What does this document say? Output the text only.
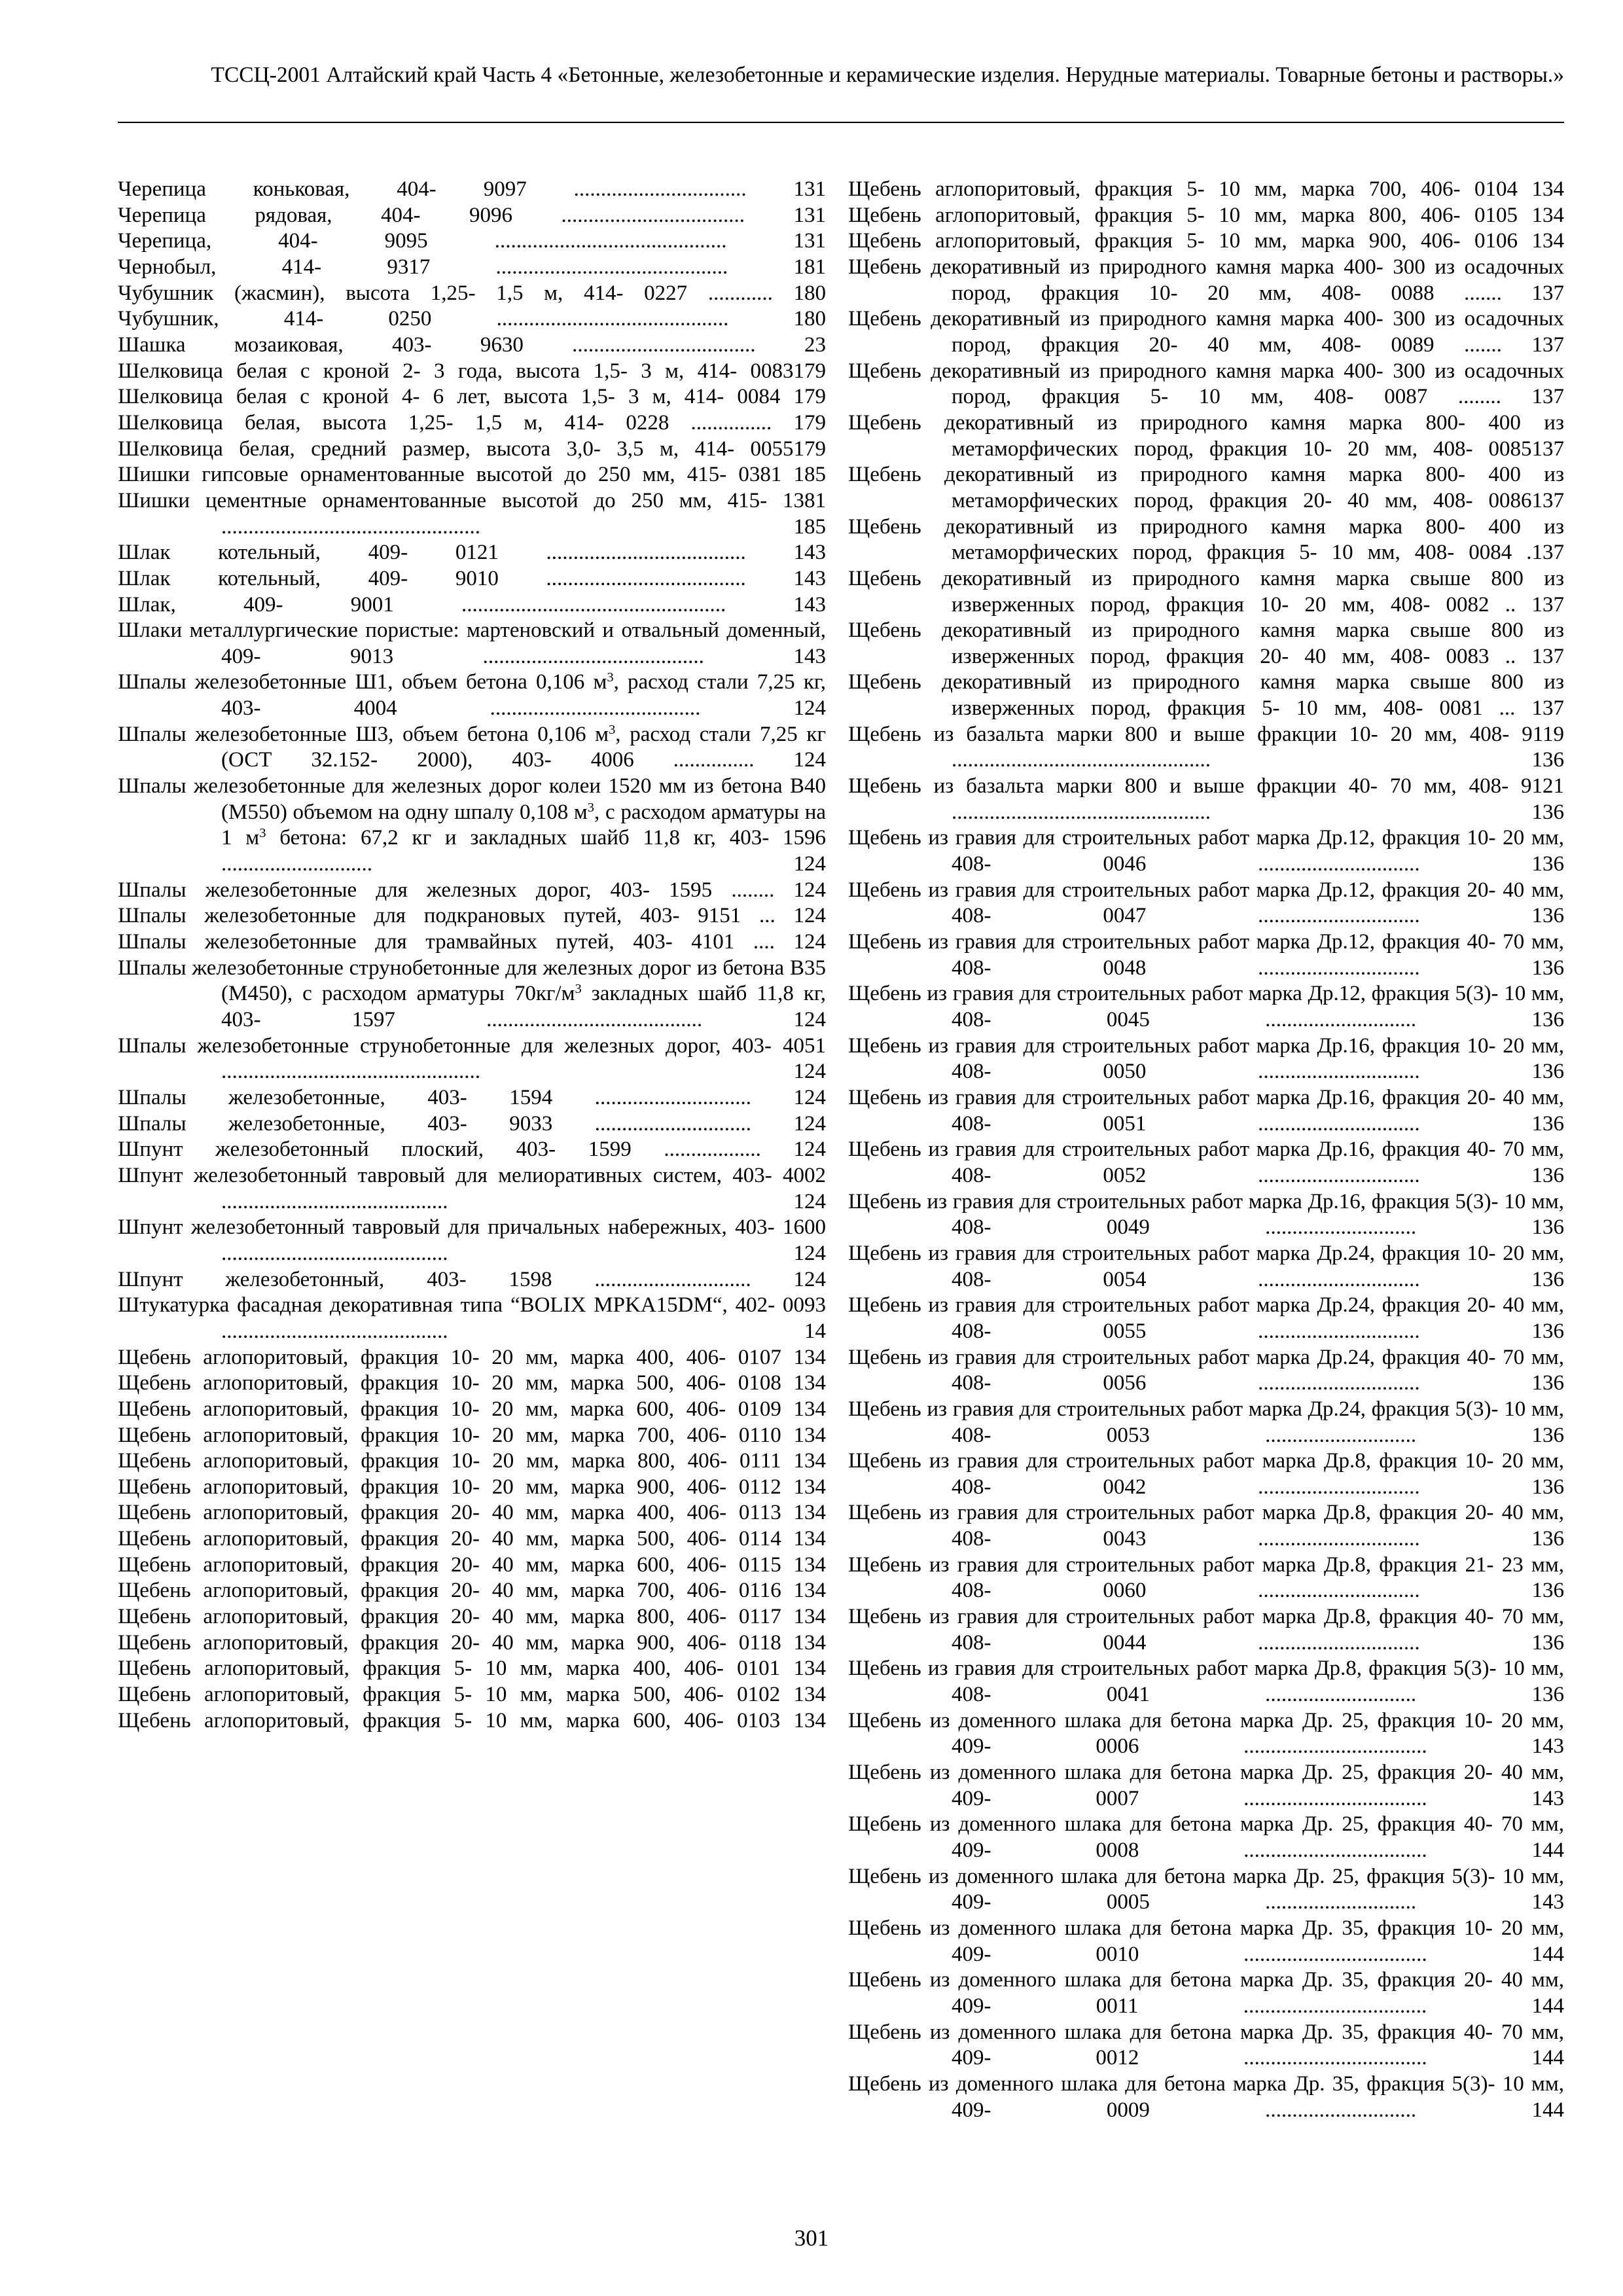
ТССЦ-2001 Алтайский край Часть 4 «Бетонные, железобетонные и керамические изделия. Нерудные материалы. Товарные бетоны и растворы.»

Черепица коньковая, 404- 9097 ................................ 131

Черепица рядовая, 404- 9096 .................................. 131

Черепица, 404- 9095 ........................................... 131

Чернобыл, 414- 9317 ........................................... 181

Чубушник (жасмин), высота 1,25- 1,5 м, 414- 0227 ............ 180

Чубушник, 414- 0250 ........................................... 180

Шашка мозаиковая, 403- 9630 .................................. 23

Шелковица белая с кроной 2- 3 года, высота 1,5- 3 м, 414- 0083179

Шелковица белая с кроной 4- 6 лет, высота 1,5- 3 м, 414- 0084 179

Шелковица белая, высота 1,25- 1,5 м, 414- 0228 ............... 179

Шелковица белая, средний размер, высота 3,0- 3,5 м, 414- 0055179

Шишки гипсовые орнаментованные высотой до 250 мм, 415- 0381 185

Шишки цементные орнаментованные высотой до 250 мм, 415- 1381 ................................................ 185

Шлак котельный, 409- 0121 ..................................... 143

Шлак котельный, 409- 9010 ..................................... 143

Шлак, 409- 9001 ................................................. 143

Шлаки металлургические пористые: мартеновский и отвальный доменный, 409- 9013 ......................................... 143

Шпалы железобетонные Ш1, объем бетона 0,106 $м^3$, расход стали 7,25 кг, 403- 4004 ....................................... 124

Шпалы железобетонные Ш3, объем бетона 0,106 $м^3$, расход стали 7,25 кг (ОСТ 32.152- 2000), 403- 4006 ............... 124

Шпалы железобетонные для железных дорог колеи 1520 мм из бетона В40 (М550) объемом на одну шпалу 0,108 $м^3$, с расходом арматуры на 1 $м^3$ бетона: 67,2 кг и закладных шайб 11,8 кг, 403- 1596 ............................ 124

Шпалы железобетонные для железных дорог, 403- 1595 ........ 124

Шпалы железобетонные для подкрановых путей, 403- 9151 ... 124

Шпалы железобетонные для трамвайных путей, 403- 4101 .... 124

Шпалы железобетонные струнобетонные для железных дорог из бетона В35 (М450), с расходом арматуры $70кг/м^3$ закладных шайб 11,8 кг, 403- 1597 ........................................ 124

Шпалы железобетонные струнобетонные для железных дорог, 403- 4051 ................................................ 124

Шпалы железобетонные, 403- 1594 ............................. 124

Шпалы железобетонные, 403- 9033 ............................. 124

Шпунт железобетонный плоский, 403- 1599 .................. 124

Шпунт железобетонный тавровый для мелиоративных систем, 403- 4002 .......................................... 124

Шпунт железобетонный тавровый для причальных набережных, 403- 1600 .......................................... 124

Шпунт железобетонный, 403- 1598 ............................. 124

Штукатурка фасадная декоративная типа “BOLIX MPKA15DM“, 402- 0093 .......................................... 14

Щебень аглопоритовый, фракция 10- 20 мм, марка 400, 406- 0107 134

Щебень аглопоритовый, фракция 10- 20 мм, марка 500, 406- 0108 134

Щебень аглопоритовый, фракция 10- 20 мм, марка 600, 406- 0109 134

Щебень аглопоритовый, фракция 10- 20 мм, марка 700, 406- 0110 134

Щебень аглопоритовый, фракция 10- 20 мм, марка 800, 406- 0111 134

Щебень аглопоритовый, фракция 10- 20 мм, марка 900, 406- 0112 134

Щебень аглопоритовый, фракция 20- 40 мм, марка 400, 406- 0113 134

Щебень аглопоритовый, фракция 20- 40 мм, марка 500, 406- 0114 134

Щебень аглопоритовый, фракция 20- 40 мм, марка 600, 406- 0115 134

Щебень аглопоритовый, фракция 20- 40 мм, марка 700, 406- 0116 134

Щебень аглопоритовый, фракция 20- 40 мм, марка 800, 406- 0117 134

Щебень аглопоритовый, фракция 20- 40 мм, марка 900, 406- 0118 134

Щебень аглопоритовый, фракция 5- 10 мм, марка 400, 406- 0101 134

Щебень аглопоритовый, фракция 5- 10 мм, марка 500, 406- 0102 134

Щебень аглопоритовый, фракция 5- 10 мм, марка 600, 406- 0103 134

Щебень аглопоритовый, фракция 5- 10 мм, марка 700, 406- 0104 134

Щебень аглопоритовый, фракция 5- 10 мм, марка 800, 406- 0105 134

Щебень аглопоритовый, фракция 5- 10 мм, марка 900, 406- 0106 134

Щебень декоративный из природного камня марка 400- 300 из осадочных пород, фракция 10- 20 мм, 408- 0088 ....... 137

Щебень декоративный из природного камня марка 400- 300 из осадочных пород, фракция 20- 40 мм, 408- 0089 ....... 137

Щебень декоративный из природного камня марка 400- 300 из осадочных пород, фракция 5- 10 мм, 408- 0087 ........ 137

Щебень декоративный из природного камня марка 800- 400 из метаморфических пород, фракция 10- 20 мм, 408- 0085137

Щебень декоративный из природного камня марка 800- 400 из метаморфических пород, фракция 20- 40 мм, 408- 0086137

Щебень декоративный из природного камня марка 800- 400 из метаморфических пород, фракция 5- 10 мм, 408- 0084 .137

Щебень декоративный из природного камня марка свыше 800 из изверженных пород, фракция 10- 20 мм, 408- 0082 .. 137

Щебень декоративный из природного камня марка свыше 800 из изверженных пород, фракция 20- 40 мм, 408- 0083 .. 137

Щебень декоративный из природного камня марка свыше 800 из изверженных пород, фракция 5- 10 мм, 408- 0081 ... 137

Щебень из базальта марки 800 и выше фракции 10- 20 мм, 408- 9119 ................................................ 136

Щебень из базальта марки 800 и выше фракции 40- 70 мм, 408- 9121 ................................................ 136

Щебень из гравия для строительных работ марка Др.12, фракция 10- 20 мм, 408- 0046 .............................. 136

Щебень из гравия для строительных работ марка Др.12, фракция 20- 40 мм, 408- 0047 .............................. 136

Щебень из гравия для строительных работ марка Др.12, фракция 40- 70 мм, 408- 0048 .............................. 136

Щебень из гравия для строительных работ марка Др.12, фракция 5(3)- 10 мм, 408- 0045 ............................ 136

Щебень из гравия для строительных работ марка Др.16, фракция 10- 20 мм, 408- 0050 .............................. 136

Щебень из гравия для строительных работ марка Др.16, фракция 20- 40 мм, 408- 0051 .............................. 136

Щебень из гравия для строительных работ марка Др.16, фракция 40- 70 мм, 408- 0052 .............................. 136

Щебень из гравия для строительных работ марка Др.16, фракция 5(3)- 10 мм, 408- 0049 ............................ 136

Щебень из гравия для строительных работ марка Др.24, фракция 10- 20 мм, 408- 0054 .............................. 136

Щебень из гравия для строительных работ марка Др.24, фракция 20- 40 мм, 408- 0055 .............................. 136

Щебень из гравия для строительных работ марка Др.24, фракция 40- 70 мм, 408- 0056 .............................. 136

Щебень из гравия для строительных работ марка Др.24, фракция 5(3)- 10 мм, 408- 0053 ............................ 136

Щебень из гравия для строительных работ марка Др.8, фракция 10- 20 мм, 408- 0042 .............................. 136

Щебень из гравия для строительных работ марка Др.8, фракция 20- 40 мм, 408- 0043 .............................. 136

Щебень из гравия для строительных работ марка Др.8, фракция 21- 23 мм, 408- 0060 .............................. 136

Щебень из гравия для строительных работ марка Др.8, фракция 40- 70 мм, 408- 0044 .............................. 136

Щебень из гравия для строительных работ марка Др.8, фракция 5(3)- 10 мм, 408- 0041 ............................ 136

Щебень из доменного шлака для бетона марка Др. 25, фракция 10- 20 мм, 409- 0006 .................................. 143

Щебень из доменного шлака для бетона марка Др. 25, фракция 20- 40 мм, 409- 0007 .................................. 143

Щебень из доменного шлака для бетона марка Др. 25, фракция 40- 70 мм, 409- 0008 .................................. 144

Щебень из доменного шлака для бетона марка Др. 25, фракция 5(3)- 10 мм, 409- 0005 ............................ 143

Щебень из доменного шлака для бетона марка Др. 35, фракция 10- 20 мм, 409- 0010 .................................. 144

Щебень из доменного шлака для бетона марка Др. 35, фракция 20- 40 мм, 409- 0011 .................................. 144

Щебень из доменного шлака для бетона марка Др. 35, фракция 40- 70 мм, 409- 0012 .................................. 144

Щебень из доменного шлака для бетона марка Др. 35, фракция 5(3)- 10 мм, 409- 0009 ............................ 144

301
